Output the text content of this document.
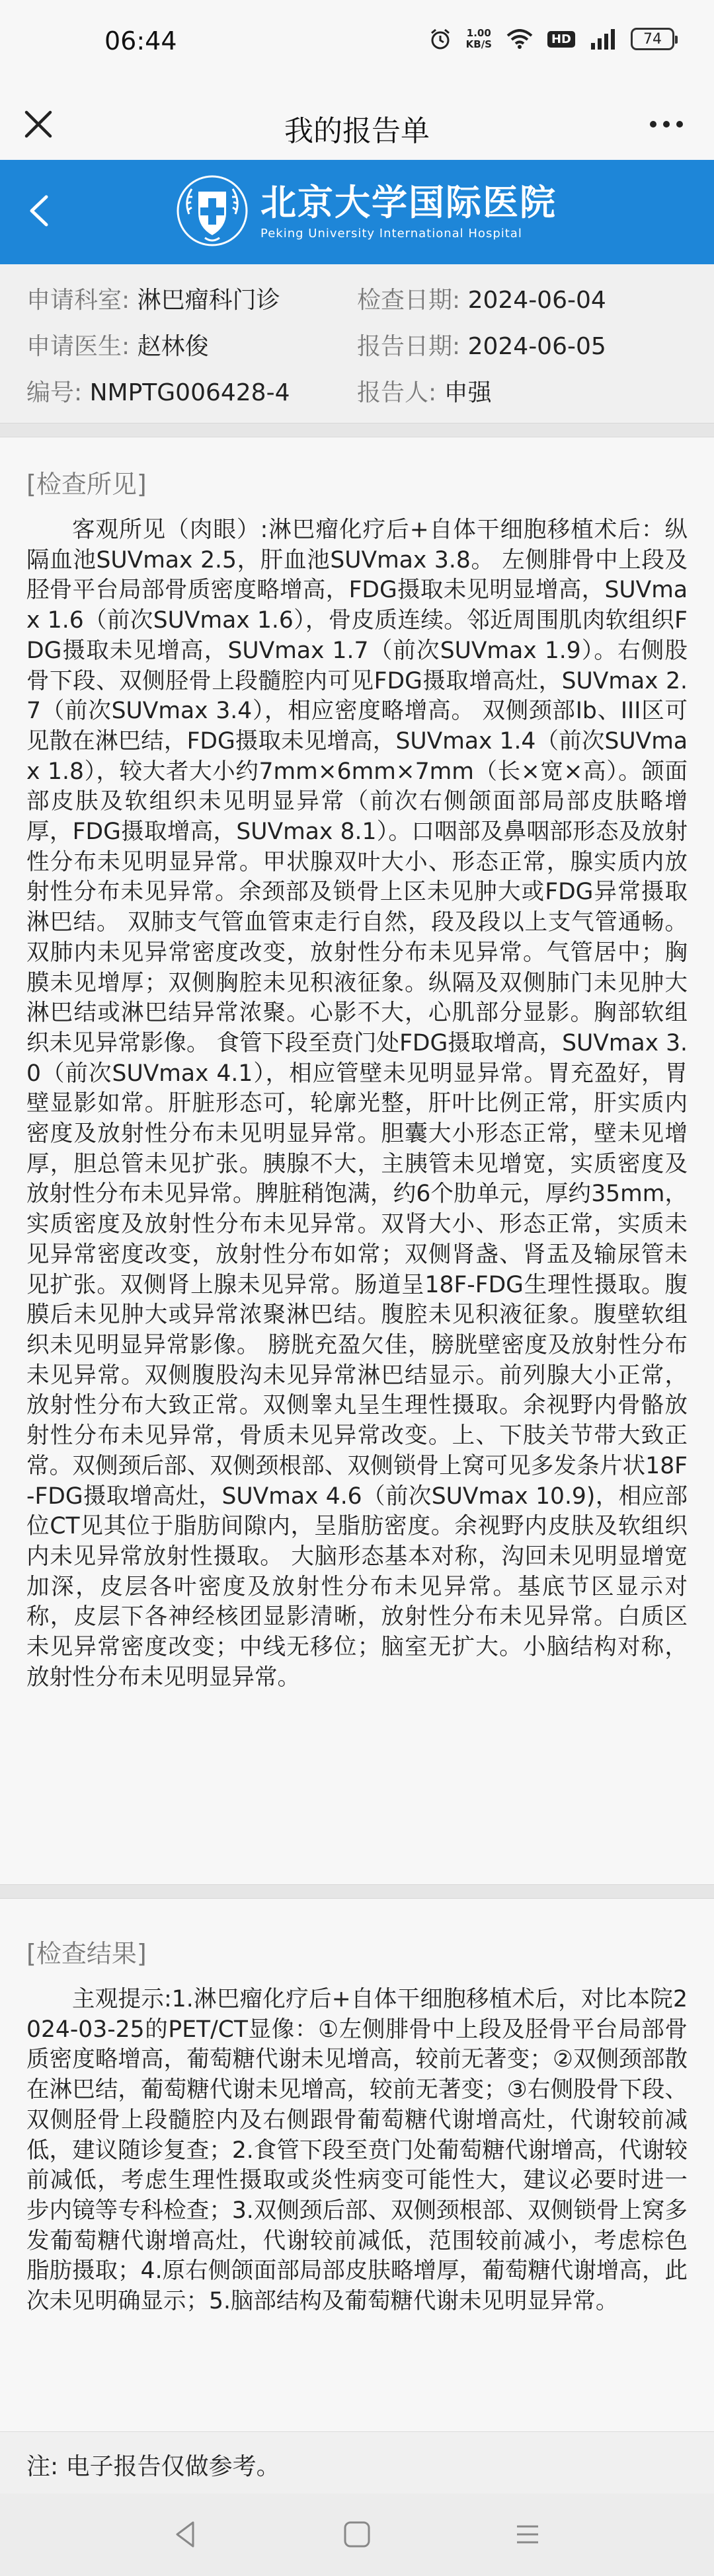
06:44	1.00
KB/S	HD	74
我的报告单
北京大学国际医院
Peking University International Hospital
申请科室: 淋巴瘤科门诊	检查日期: 2024-06-04
申请医生: 赵林俊	报告日期: 2024-06-05
编号: NMPTG006428-4	报告人: 申强
[检查所见]
客观所见（肉眼）:淋巴瘤化疗后+自体干细胞移植术后：纵隔血池SUVmax 2.5，肝血池SUVmax 3.8。 左侧腓骨中上段及胫骨平台局部骨质密度略增高，FDG摄取未见明显增高，SUVmax 1.6（前次SUVmax 1.6），骨皮质连续。邻近周围肌肉软组织FDG摄取未见增高，SUVmax 1.7（前次SUVmax 1.9）。右侧股骨下段、双侧胫骨上段髓腔内可见FDG摄取增高灶，SUVmax 2.7（前次SUVmax 3.4），相应密度略增高。 双侧颈部Ib、III区可见散在淋巴结，FDG摄取未见增高，SUVmax 1.4（前次SUVmax 1.8），较大者大小约7mm×6mm×7mm（长×宽×高）。颌面部皮肤及软组织未见明显异常（前次右侧颌面部局部皮肤略增厚，FDG摄取增高，SUVmax 8.1）。口咽部及鼻咽部形态及放射性分布未见明显异常。甲状腺双叶大小、形态正常，腺实质内放射性分布未见异常。余颈部及锁骨上区未见肿大或FDG异常摄取淋巴结。 双肺支气管血管束走行自然，段及段以上支气管通畅。双肺内未见异常密度改变，放射性分布未见异常。气管居中；胸膜未见增厚；双侧胸腔未见积液征象。纵隔及双侧肺门未见肿大淋巴结或淋巴结异常浓聚。心影不大，心肌部分显影。胸部软组织未见异常影像。 食管下段至贲门处FDG摄取增高，SUVmax 3.0（前次SUVmax 4.1），相应管壁未见明显异常。胃充盈好，胃壁显影如常。肝脏形态可，轮廓光整，肝叶比例正常，肝实质内密度及放射性分布未见明显异常。胆囊大小形态正常，壁未见增厚，胆总管未见扩张。胰腺不大，主胰管未见增宽，实质密度及放射性分布未见异常。脾脏稍饱满，约6个肋单元，厚约35mm，实质密度及放射性分布未见异常。双肾大小、形态正常，实质未见异常密度改变，放射性分布如常；双侧肾盏、肾盂及输尿管未见扩张。双侧肾上腺未见异常。肠道呈18F-FDG生理性摄取。腹膜后未见肿大或异常浓聚淋巴结。腹腔未见积液征象。腹壁软组织未见明显异常影像。 膀胱充盈欠佳，膀胱壁密度及放射性分布未见异常。双侧腹股沟未见异常淋巴结显示。前列腺大小正常，放射性分布大致正常。双侧睾丸呈生理性摄取。余视野内骨骼放射性分布未见异常，骨质未见异常改变。上、下肢关节带大致正常。双侧颈后部、双侧颈根部、双侧锁骨上窝可见多发条片状18F-FDG摄取增高灶，SUVmax 4.6（前次SUVmax 10.9)，相应部位CT见其位于脂肪间隙内，呈脂肪密度。余视野内皮肤及软组织内未见异常放射性摄取。 大脑形态基本对称，沟回未见明显增宽加深，皮层各叶密度及放射性分布未见异常。基底节区显示对称，皮层下各神经核团显影清晰，放射性分布未见异常。白质区未见异常密度改变；中线无移位；脑室无扩大。小脑结构对称，放射性分布未见明显异常。
[检查结果]
主观提示:1.淋巴瘤化疗后+自体干细胞移植术后，对比本院2024-03-25的PET/CT显像：①左侧腓骨中上段及胫骨平台局部骨质密度略增高，葡萄糖代谢未见增高，较前无著变；②双侧颈部散在淋巴结，葡萄糖代谢未见增高，较前无著变；③右侧股骨下段、双侧胫骨上段髓腔内及右侧跟骨葡萄糖代谢增高灶，代谢较前减低，建议随诊复查；2.食管下段至贲门处葡萄糖代谢增高，代谢较前减低，考虑生理性摄取或炎性病变可能性大，建议必要时进一步内镜等专科检查；3.双侧颈后部、双侧颈根部、双侧锁骨上窝多发葡萄糖代谢增高灶，代谢较前减低，范围较前减小，考虑棕色脂肪摄取；4.原右侧颌面部局部皮肤略增厚，葡萄糖代谢增高，此次未见明确显示；5.脑部结构及葡萄糖代谢未见明显异常。
注: 电子报告仅做参考。
